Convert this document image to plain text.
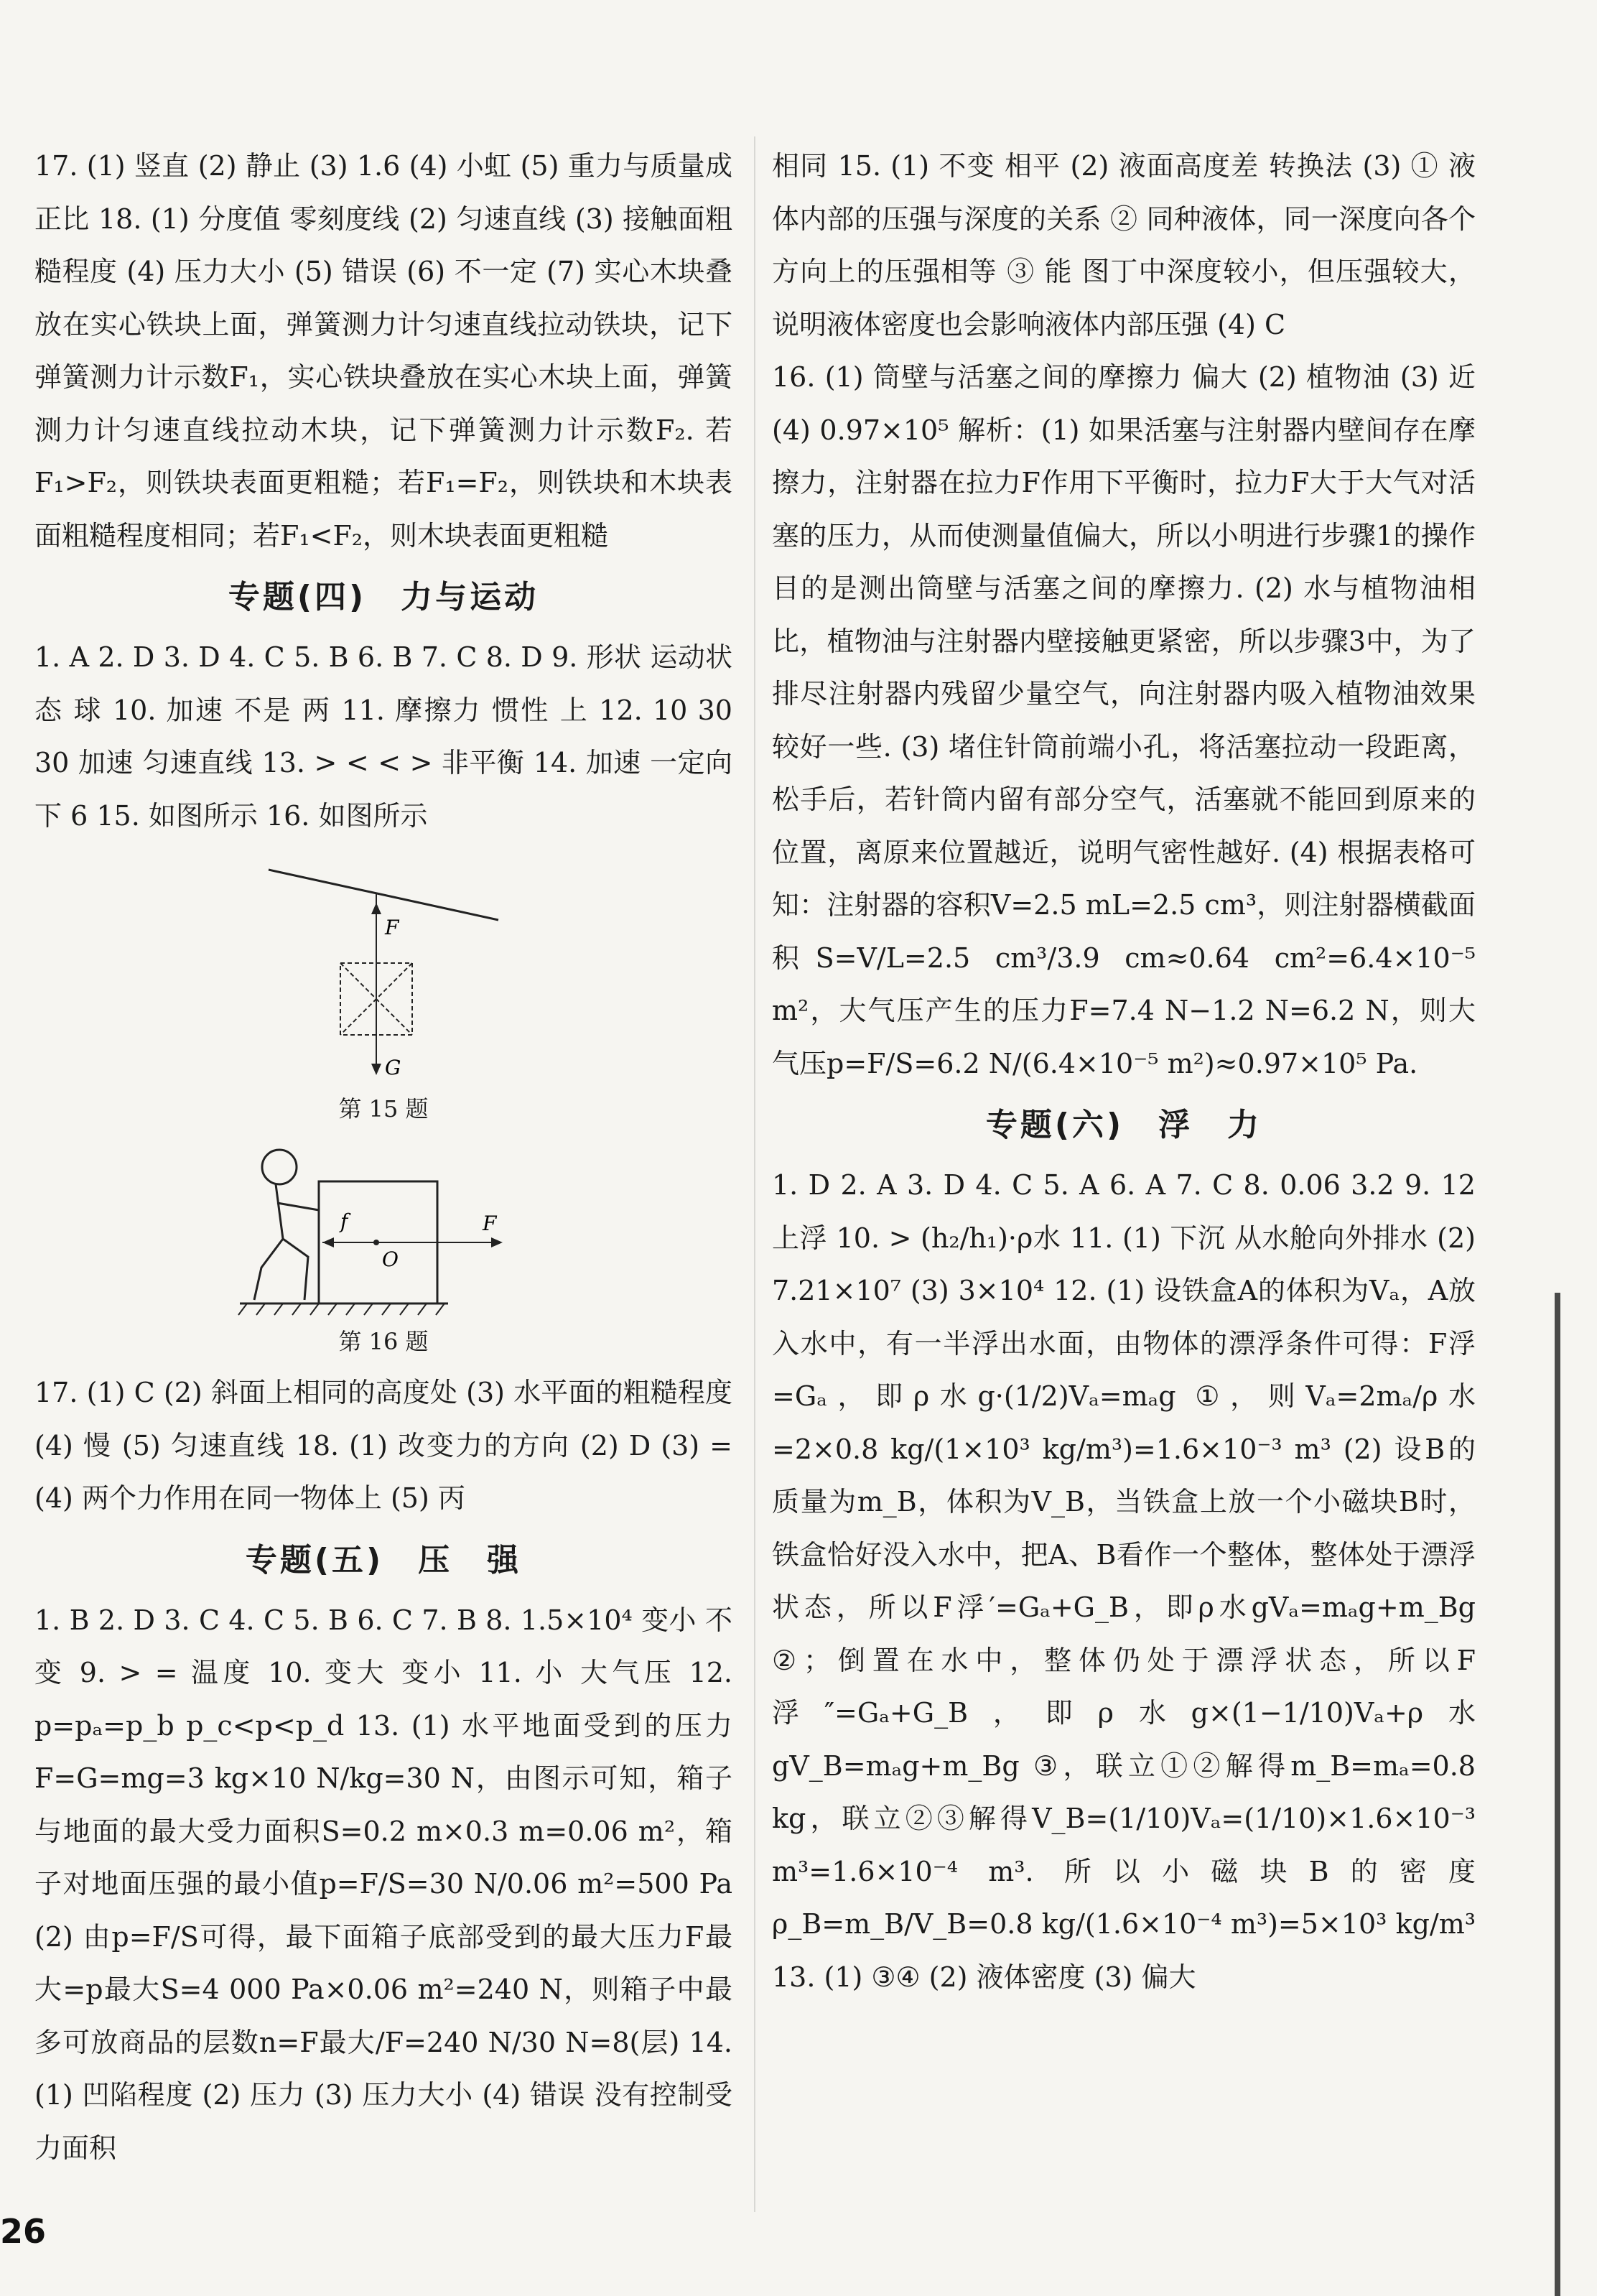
17. (1) 竖直 (2) 静止 (3) 1.6 (4) 小虹 (5) 重力与质量成正比 18. (1) 分度值 零刻度线 (2) 匀速直线 (3) 接触面粗糙程度 (4) 压力大小 (5) 错误 (6) 不一定 (7) 实心木块叠放在实心铁块上面，弹簧测力计匀速直线拉动铁块，记下弹簧测力计示数F₁，实心铁块叠放在实心木块上面，弹簧测力计匀速直线拉动木块，记下弹簧测力计示数F₂. 若F₁>F₂，则铁块表面更粗糙；若F₁=F₂，则铁块和木块表面粗糙程度相同；若F₁<F₂，则木块表面更粗糙

专题(四)　力与运动

1. A 2. D 3. D 4. C 5. B 6. B 7. C 8. D 9. 形状 运动状态 球 10. 加速 不是 两 11. 摩擦力 惯性 上 12. 10 30 30 加速 匀速直线 13. > < < > 非平衡 14. 加速 一定向下 6 15. 如图所示 16. 如图所示

F
G
第 15 题
f
O
F
第 16 题

17. (1) C (2) 斜面上相同的高度处 (3) 水平面的粗糙程度 (4) 慢 (5) 匀速直线 18. (1) 改变力的方向 (2) D (3) = (4) 两个力作用在同一物体上 (5) 丙

专题(五)　压　强

1. B 2. D 3. C 4. C 5. B 6. C 7. B 8. 1.5×10⁴ 变小 不变 9. > = 温度 10. 变大 变小 11. 小 大气压 12. p=pₐ=p_b p_c<p<p_d 13. (1) 水平地面受到的压力F=G=mg=3 kg×10 N/kg=30 N，由图示可知，箱子与地面的最大受力面积S=0.2 m×0.3 m=0.06 m²，箱子对地面压强的最小值p=F/S=30 N/0.06 m²=500 Pa (2) 由p=F/S可得，最下面箱子底部受到的最大压力F最大=p最大S=4 000 Pa×0.06 m²=240 N，则箱子中最多可放商品的层数n=F最大/F=240 N/30 N=8(层) 14. (1) 凹陷程度 (2) 压力 (3) 压力大小 (4) 错误 没有控制受力面积

相同 15. (1) 不变 相平 (2) 液面高度差 转换法 (3) ① 液体内部的压强与深度的关系 ② 同种液体，同一深度向各个方向上的压强相等 ③ 能 图丁中深度较小，但压强较大，说明液体密度也会影响液体内部压强 (4) C

16. (1) 筒壁与活塞之间的摩擦力 偏大 (2) 植物油 (3) 近 (4) 0.97×10⁵ 解析：(1) 如果活塞与注射器内壁间存在摩擦力，注射器在拉力F作用下平衡时，拉力F大于大气对活塞的压力，从而使测量值偏大，所以小明进行步骤1的操作目的是测出筒壁与活塞之间的摩擦力. (2) 水与植物油相比，植物油与注射器内壁接触更紧密，所以步骤3中，为了排尽注射器内残留少量空气，向注射器内吸入植物油效果较好一些. (3) 堵住针筒前端小孔，将活塞拉动一段距离，松手后，若针筒内留有部分空气，活塞就不能回到原来的位置，离原来位置越近，说明气密性越好. (4) 根据表格可知：注射器的容积V=2.5 mL=2.5 cm³，则注射器横截面积S=V/L=2.5 cm³/3.9 cm≈0.64 cm²=6.4×10⁻⁵ m²，大气压产生的压力F=7.4 N−1.2 N=6.2 N，则大气压p=F/S=6.2 N/(6.4×10⁻⁵ m²)≈0.97×10⁵ Pa.

专题(六)　浮　力

1. D 2. A 3. D 4. C 5. A 6. A 7. C 8. 0.06 3.2 9. 12 上浮 10. > (h₂/h₁)·ρ水 11. (1) 下沉 从水舱向外排水 (2) 7.21×10⁷ (3) 3×10⁴ 12. (1) 设铁盒A的体积为Vₐ，A放入水中，有一半浮出水面，由物体的漂浮条件可得：F浮=Gₐ，即ρ水g·(1/2)Vₐ=mₐg ①，则Vₐ=2mₐ/ρ水=2×0.8 kg/(1×10³ kg/m³)=1.6×10⁻³ m³ (2) 设B的质量为m_B，体积为V_B，当铁盒上放一个小磁块B时，铁盒恰好没入水中，把A、B看作一个整体，整体处于漂浮状态，所以F浮′=Gₐ+G_B，即ρ水gVₐ=mₐg+m_Bg ②；倒置在水中，整体仍处于漂浮状态，所以F浮″=Gₐ+G_B，即ρ水g×(1−1/10)Vₐ+ρ水gV_B=mₐg+m_Bg ③，联立①②解得m_B=mₐ=0.8 kg，联立②③解得V_B=(1/10)Vₐ=(1/10)×1.6×10⁻³ m³=1.6×10⁻⁴ m³. 所以小磁块B的密度ρ_B=m_B/V_B=0.8 kg/(1.6×10⁻⁴ m³)=5×10³ kg/m³ 13. (1) ③④ (2) 液体密度 (3) 偏大

26
